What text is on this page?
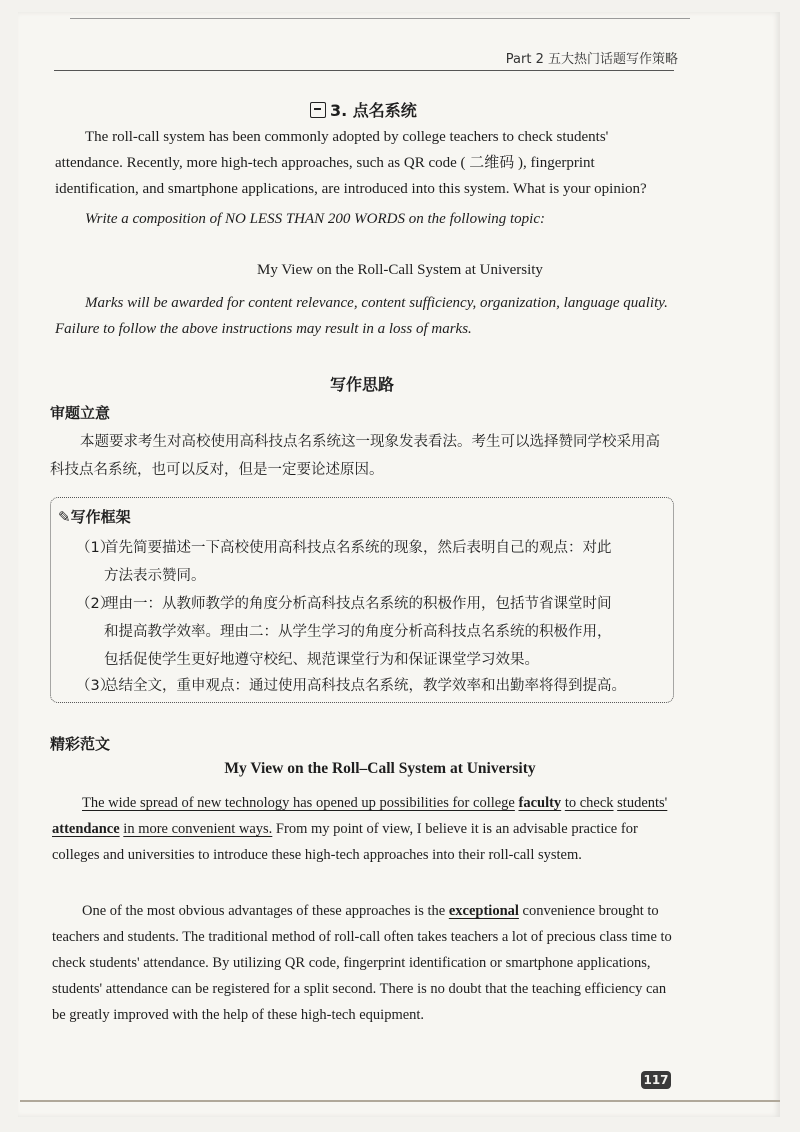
Part 2 五大热门话题写作策略
3. 点名系统
The roll-call system has been commonly adopted by college teachers to check students' attendance. Recently, more high-tech approaches, such as QR code ( 二维码 ), fingerprint identification, and smartphone applications, are introduced into this system. What is your opinion?
Write a composition of NO LESS THAN 200 WORDS on the following topic:
My View on the Roll-Call System at University
Marks will be awarded for content relevance, content sufficiency, organization, language quality. Failure to follow the above instructions may result in a loss of marks.
写作思路
审题立意
本题要求考生对高校使用高科技点名系统这一现象发表看法。考生可以选择赞同学校采用高科技点名系统，也可以反对，但是一定要论述原因。
✎写作框架
（1）首先简要描述一下高校使用高科技点名系统的现象，然后表明自己的观点：对此
方法表示赞同。
（2）理由一：从教师教学的角度分析高科技点名系统的积极作用，包括节省课堂时间
和提高教学效率。理由二：从学生学习的角度分析高科技点名系统的积极作用，
包括促使学生更好地遵守校纪、规范课堂行为和保证课堂学习效果。
（3）总结全文，重申观点：通过使用高科技点名系统，教学效率和出勤率将得到提高。
精彩范文
My View on the Roll–Call System at University
The wide spread of new technology has opened up possibilities for college faculty to check students' attendance in more convenient ways. From my point of view, I believe it is an advisable practice for colleges and universities to introduce these high-tech approaches into their roll-call system.
One of the most obvious advantages of these approaches is the exceptional convenience brought to teachers and students. The traditional method of roll-call often takes teachers a lot of precious class time to check students' attendance. By utilizing QR code, fingerprint identification or smartphone applications, students' attendance can be registered for a split second. There is no doubt that the teaching efficiency can be greatly improved with the help of these high-tech equipment.
117
